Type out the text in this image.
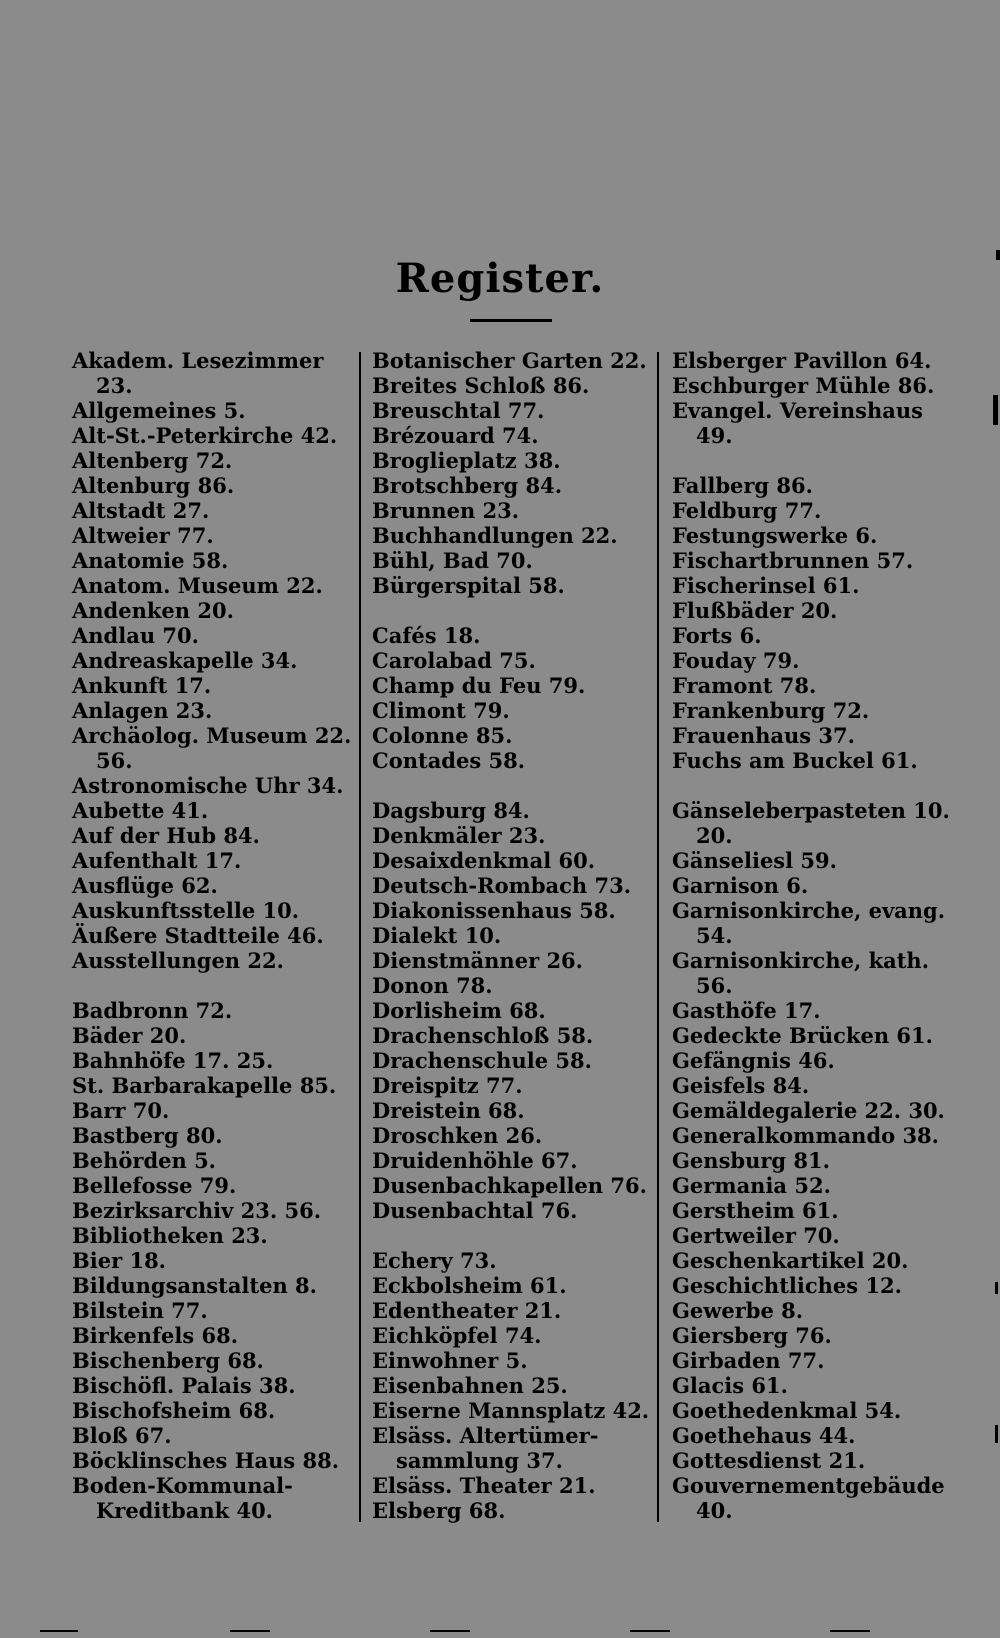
Register.
Akadem. Lesezimmer
23.
Allgemeines 5.
Alt-St.-Peterkirche 42.
Altenberg 72.
Altenburg 86.
Altstadt 27.
Altweier 77.
Anatomie 58.
Anatom. Museum 22.
Andenken 20.
Andlau 70.
Andreaskapelle 34.
Ankunft 17.
Anlagen 23.
Archäolog. Museum 22.
56.
Astronomische Uhr 34.
Aubette 41.
Auf der Hub 84.
Aufenthalt 17.
Ausflüge 62.
Auskunftsstelle 10.
Äußere Stadtteile 46.
Ausstellungen 22.
Badbronn 72.
Bäder 20.
Bahnhöfe 17. 25.
St. Barbarakapelle 85.
Barr 70.
Bastberg 80.
Behörden 5.
Bellefosse 79.
Bezirksarchiv 23. 56.
Bibliotheken 23.
Bier 18.
Bildungsanstalten 8.
Bilstein 77.
Birkenfels 68.
Bischenberg 68.
Bischöfl. Palais 38.
Bischofsheim 68.
Bloß 67.
Böcklinsches Haus 88.
Boden-Kommunal-
Kreditbank 40.
Botanischer Garten 22.
Breites Schloß 86.
Breuschtal 77.
Brézouard 74.
Broglieplatz 38.
Brotschberg 84.
Brunnen 23.
Buchhandlungen 22.
Bühl, Bad 70.
Bürgerspital 58.
Cafés 18.
Carolabad 75.
Champ du Feu 79.
Climont 79.
Colonne 85.
Contades 58.
Dagsburg 84.
Denkmäler 23.
Desaixdenkmal 60.
Deutsch-Rombach 73.
Diakonissenhaus 58.
Dialekt 10.
Dienstmänner 26.
Donon 78.
Dorlisheim 68.
Drachenschloß 58.
Drachenschule 58.
Dreispitz 77.
Dreistein 68.
Droschken 26.
Druidenhöhle 67.
Dusenbachkapellen 76.
Dusenbachtal 76.
Echery 73.
Eckbolsheim 61.
Edentheater 21.
Eichköpfel 74.
Einwohner 5.
Eisenbahnen 25.
Eiserne Mannsplatz 42.
Elsäss. Altertümer-
sammlung 37.
Elsäss. Theater 21.
Elsberg 68.
Elsberger Pavillon 64.
Eschburger Mühle 86.
Evangel. Vereinshaus
49.
Fallberg 86.
Feldburg 77.
Festungswerke 6.
Fischartbrunnen 57.
Fischerinsel 61.
Flußbäder 20.
Forts 6.
Fouday 79.
Framont 78.
Frankenburg 72.
Frauenhaus 37.
Fuchs am Buckel 61.
Gänseleberpasteten 10.
20.
Gänseliesl 59.
Garnison 6.
Garnisonkirche, evang.
54.
Garnisonkirche, kath.
56.
Gasthöfe 17.
Gedeckte Brücken 61.
Gefängnis 46.
Geisfels 84.
Gemäldegalerie 22. 30.
Generalkommando 38.
Gensburg 81.
Germania 52.
Gerstheim 61.
Gertweiler 70.
Geschenkartikel 20.
Geschichtliches 12.
Gewerbe 8.
Giersberg 76.
Girbaden 77.
Glacis 61.
Goethedenkmal 54.
Goethehaus 44.
Gottesdienst 21.
Gouvernementgebäude
40.
